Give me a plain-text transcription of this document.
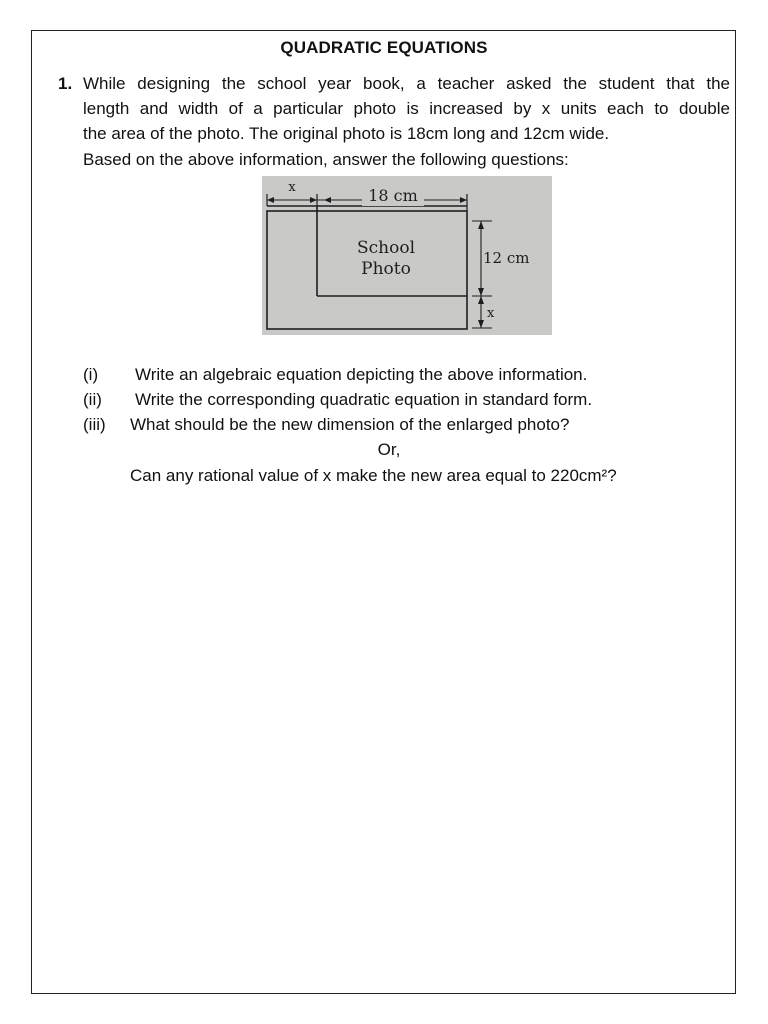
QUADRATIC EQUATIONS
1. While designing the school year book, a teacher asked the student that the
length and width of a particular photo is increased by x units each to double
the area of the photo. The original photo is 18cm long and 12cm wide.
Based on the above information, answer the following questions:
18 cm
x
12 cm
x
School
Photo
(i) Write an algebraic equation depicting the above information.
(ii) Write the corresponding quadratic equation in standard form.
(iii) What should be the new dimension of the enlarged photo?
Or,
Can any rational value of x make the new area equal to 220cm²?
